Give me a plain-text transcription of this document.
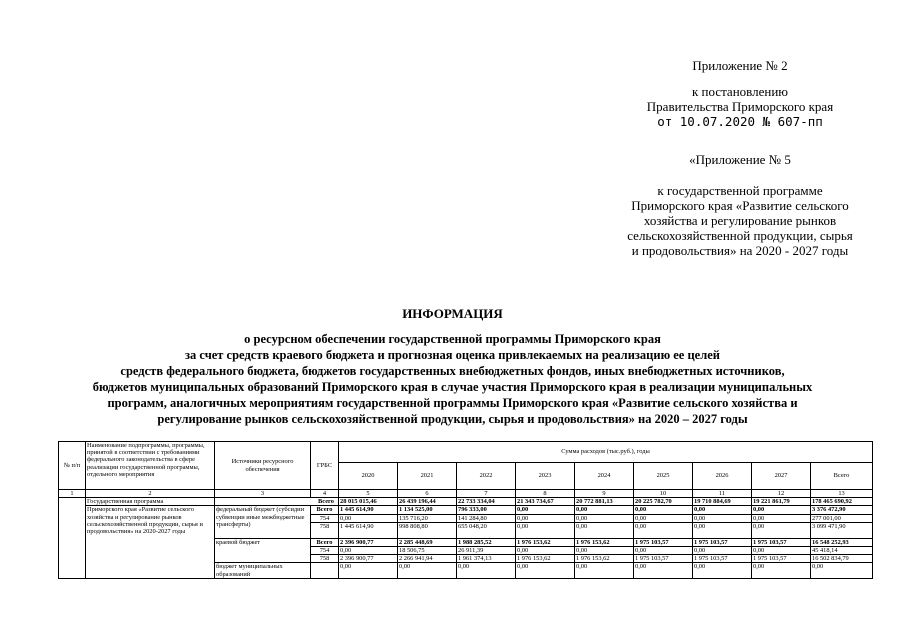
Приложение № 2
к постановлению
Правительства Приморского края
от 10.07.2020 № 607-пп
«Приложение № 5
к государственной программе
Приморского края «Развитие сельского
хозяйства и регулирование рынков
сельскохозяйственной продукции, сырья
и продовольствия» на 2020 - 2027 годы
ИНФОРМАЦИЯ
о ресурсном обеспечении государственной программы Приморского края
за счет средств краевого бюджета и прогнозная оценка привлекаемых на реализацию ее целей
средств федерального бюджета, бюджетов государственных внебюджетных фондов, иных внебюджетных источников,
бюджетов муниципальных образований Приморского края в случае участия Приморского края в реализации муниципальных
программ, аналогичных мероприятиям государственной программы Приморского края «Развитие сельского хозяйства и
регулирование рынков сельскохозяйственной продукции, сырья и продовольствия» на 2020 – 2027 годы
№ п/п	Наименование подпрограммы, программы, принятой в соответствии с требованиями федерального законодательства в сфере реализации государственной программы, отдельного мероприятия	Источники ресурсного обеспечения	ГРБС	Сумма расходов (тыс.руб.), годы								
				2020	2021	2022	2023	2024	2025	2026	2027	Всего
1	2	3	4	5	6	7	8	9	10	11	12	13
	Государственная программа	Всего		28 015 015,46	26 439 196,44	22 733 334,04	21 343 734,67	20 772 881,13	20 225 782,70	19 710 884,69	19 221 861,79	178 465 690,92
	Приморского края «Развитие сельского хозяйства и регулирование рынков сельскохозяйственной продукции, сырья и продовольствия» на 2020-2027 годы	федеральный бюджет (субсидии субвенции иные межбюджетные трансферты)	Всего	1 445 614,90	1 134 525,00	796 333,00	0,00	0,00	0,00	0,00	0,00	3 376 472,90
			754	0,00	135 716,20	141 284,80	0,00	0,00	0,00	0,00	0,00	277 001,00
			758	1 445 614,90	998 808,80	655 048,20	0,00	0,00	0,00	0,00	0,00	3 099 471,90
		краевой бюджет	Всего	2 396 900,77	2 285 448,69	1 988 285,52	1 976 153,62	1 976 153,62	1 975 103,57	1 975 103,57	1 975 103,57	16 548 252,93
			754	0,00	18 506,75	26 911,39	0,00	0,00	0,00	0,00	0,00	45 418,14
			758	2 396 900,77	2 266 941,94	1 961 374,13	1 976 153,62	1 976 153,62	1 975 103,57	1 975 103,57	1 975 103,57	16 502 834,79
		бюджет муниципальных образований		0,00	0,00	0,00	0,00	0,00	0,00	0,00	0,00	0,00
